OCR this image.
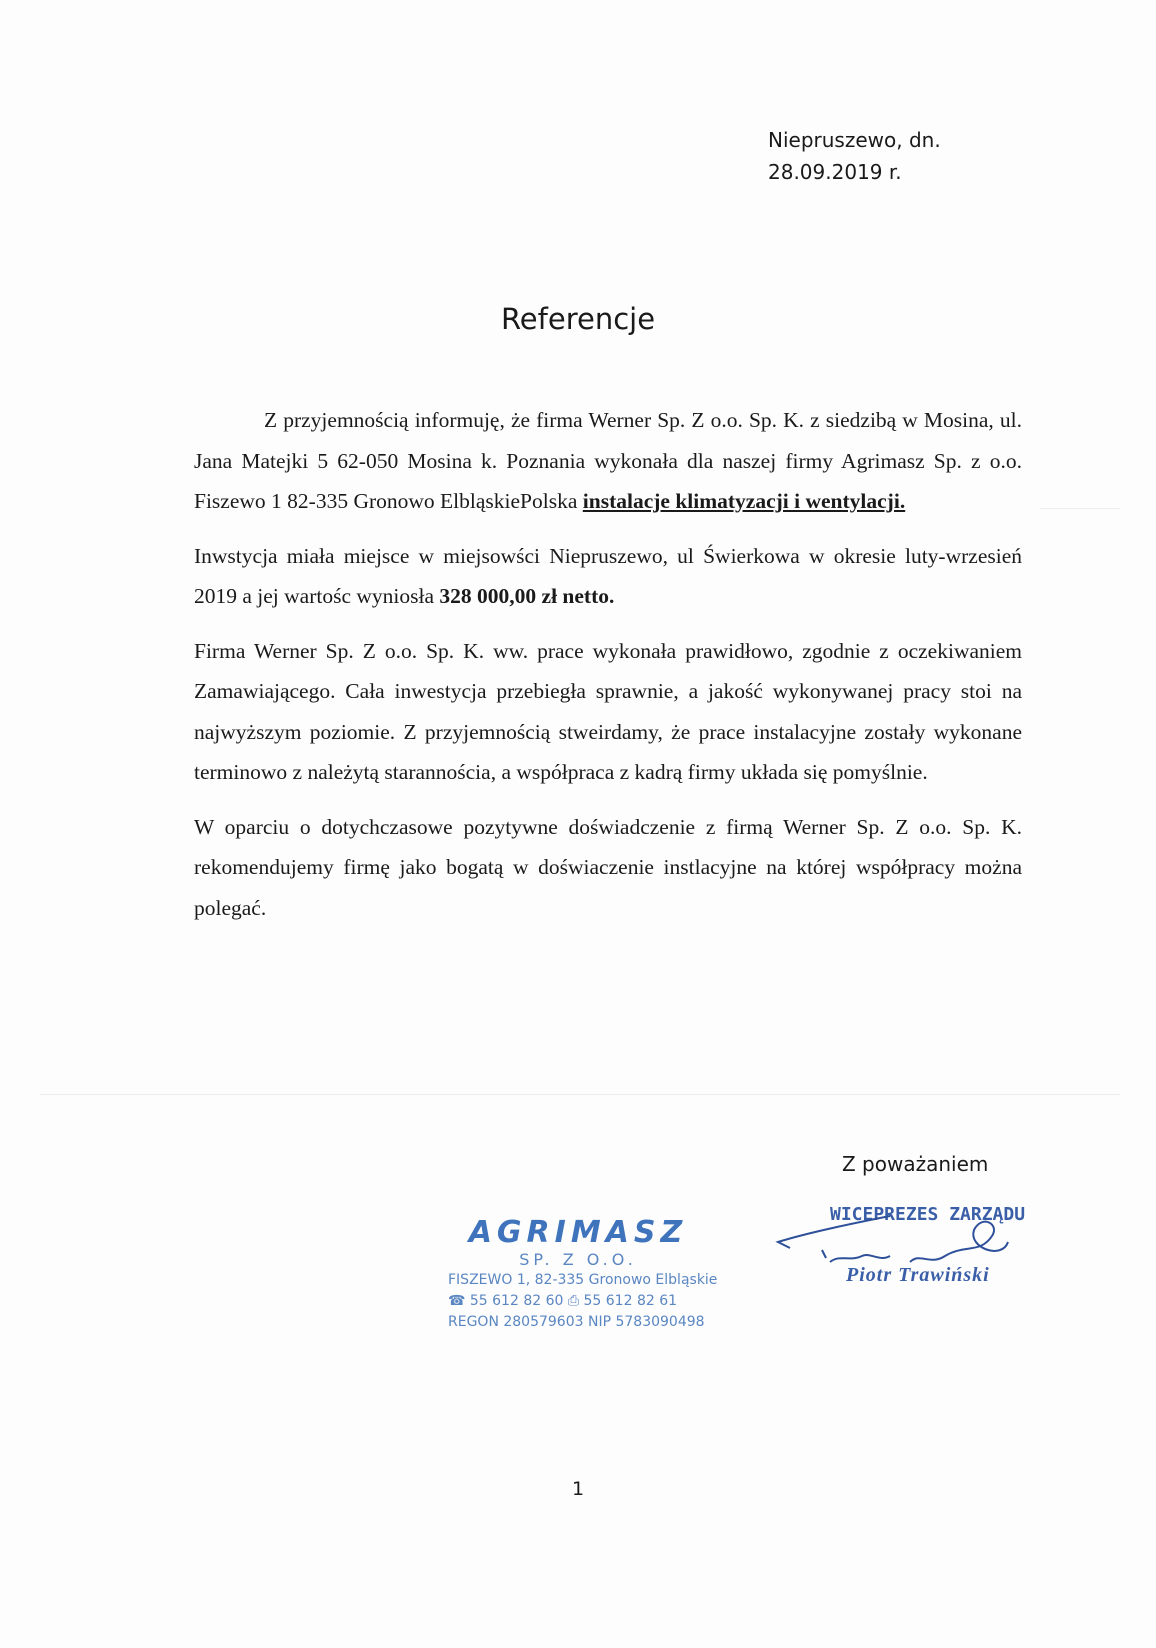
Niepruszewo, dn.
28.09.2019 r.
Referencje

Z przyjemnością informuję, że firma Werner Sp. Z o.o. Sp. K. z siedzibą w Mosina, ul. Jana Matejki 5 62-050 Mosina k. Poznania wykonała dla naszej firmy Agrimasz Sp. z o.o. Fiszewo 1 82-335 Gronowo ElbląskiePolska instalacje klimatyzacji i wentylacji.

Inwstycja miała miejsce w miejsowści Niepruszewo, ul Świerkowa w okresie luty-wrzesień 2019 a jej wartośc wyniosła 328 000,00 zł netto.

Firma Werner Sp. Z o.o. Sp. K. ww. prace wykonała prawidłowo, zgodnie z oczekiwaniem Zamawiającego. Cała inwestycja przebiegła sprawnie, a jakość wykonywanej pracy stoi na najwyższym poziomie. Z przyjemnością stweirdamy, że prace instalacyjne zostały wykonane terminowo z należytą starannościa, a współpraca z kadrą firmy układa się pomyślnie.

W oparciu o dotychczasowe pozytywne doświadczenie z firmą Werner Sp. Z o.o. Sp. K. rekomendujemy firmę jako bogatą w doświaczenie instlacyjne na której współpracy można polegać.

Z poważaniem
AGRIMASZ
SP. Z O.O.
FISZEWO 1, 82-335 Gronowo Elbląskie
☎ 55 612 82 60 ⎙ 55 612 82 61
REGON 280579603 NIP 5783090498
WICEPREZES ZARZĄDU
Piotr Trawiński
1
